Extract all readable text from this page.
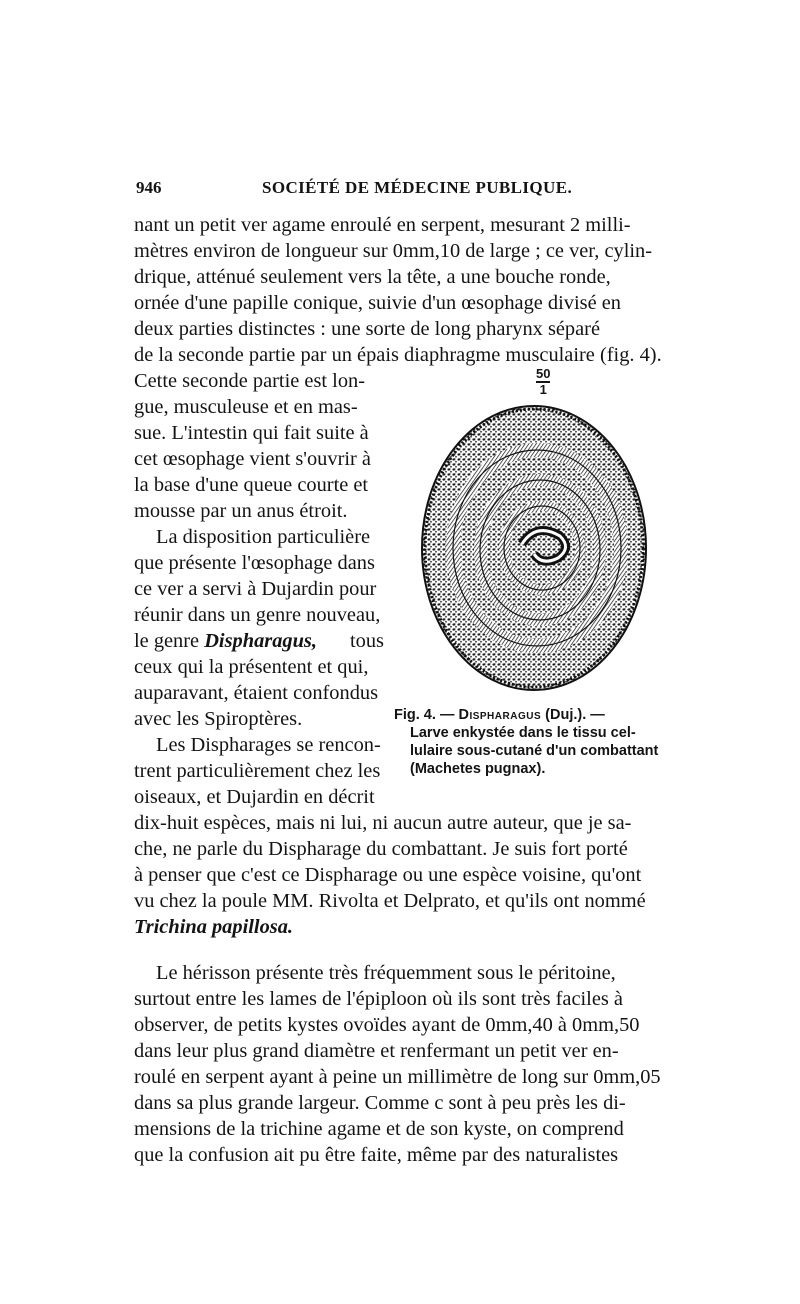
946	SOCIÉTÉ DE MÉDECINE PUBLIQUE.
nant un petit ver agame enroulé en serpent, mesurant 2 milli-
mètres environ de longueur sur 0mm,10 de large ; ce ver, cylin-
drique, atténué seulement vers la tête, a une bouche ronde,
ornée d'une papille conique, suivie d'un œsophage divisé en
deux parties distinctes : une sorte de long pharynx séparé
de la seconde partie par un épais diaphragme musculaire (fig. 4).
Cette seconde partie est lon-
gue, musculeuse et en mas-
sue. L'intestin qui fait suite à
cet œsophage vient s'ouvrir à
la base d'une queue courte et
mousse par un anus étroit.
La disposition particulière
que présente l'œsophage dans
ce ver a servi à Dujardin pour
réunir dans un genre nouveau,
le genre Dispharagus, tous
ceux qui la présentent et qui,
auparavant, étaient confondus
avec les Spiroptères.
Les Dispharages se rencon-
trent particulièrement chez les
oiseaux, et Dujardin en décrit
dix-huit espèces, mais ni lui, ni aucun autre auteur, que je sa-
che, ne parle du Dispharage du combattant. Je suis fort porté
à penser que c'est ce Dispharage ou une espèce voisine, qu'ont
vu chez la poule MM. Rivolta et Delprato, et qu'ils ont nommé
Trichina papillosa.
Le hérisson présente très fréquemment sous le péritoine,
surtout entre les lames de l'épiploon où ils sont très faciles à
observer, de petits kystes ovoïdes ayant de 0mm,40 à 0mm,50
dans leur plus grand diamètre et renfermant un petit ver en-
roulé en serpent ayant à peine un millimètre de long sur 0mm,05
dans sa plus grande largeur. Comme c sont à peu près les di-
mensions de la trichine agame et de son kyste, on comprend
que la confusion ait pu être faite, même par des naturalistes
50
1
Fig. 4. — Dispharagus (Duj.). —
Larve enkystée dans le tissu cel-
lulaire sous-cutané d'un combattant
(Machetes pugnax).
